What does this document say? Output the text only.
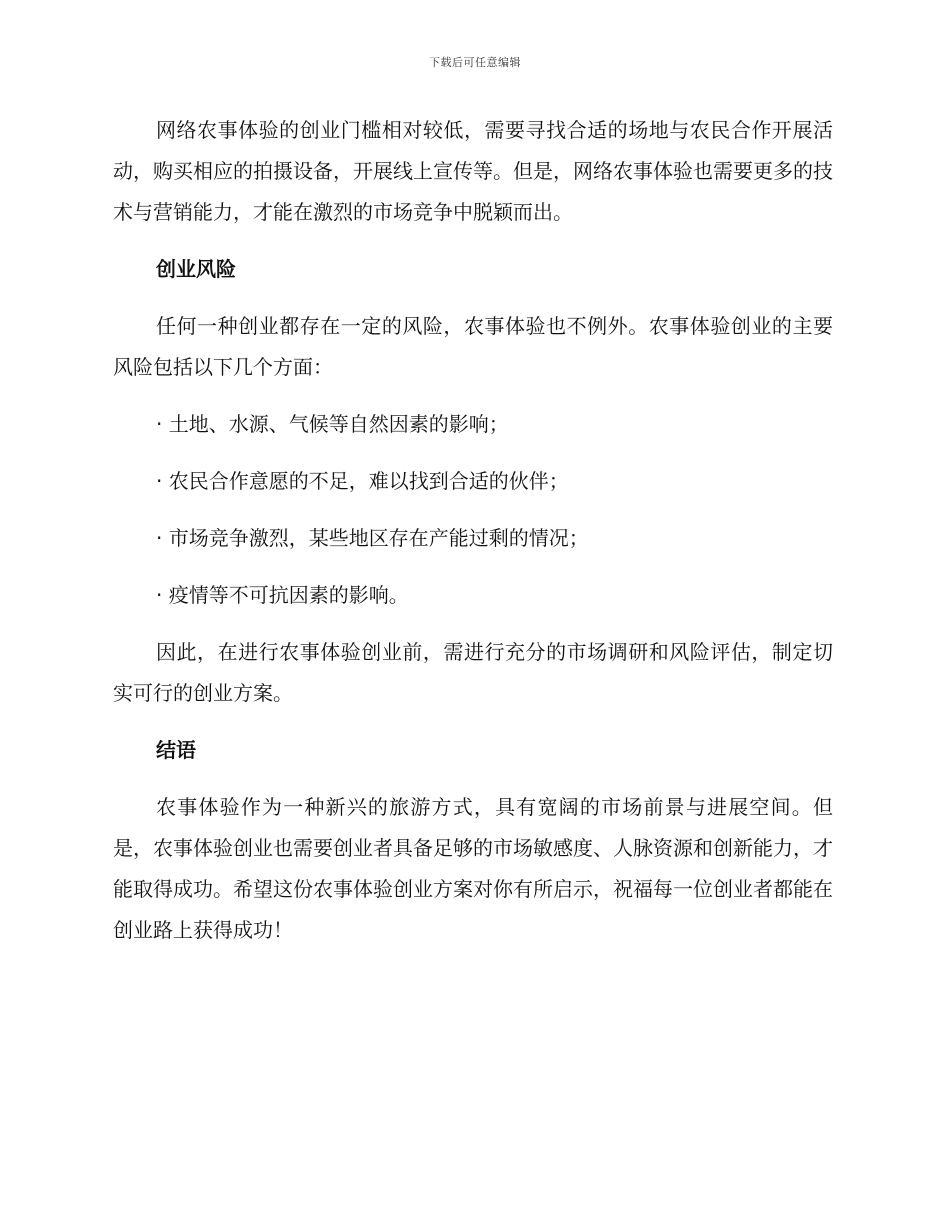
下载后可任意编辑

网络农事体验的创业门槛相对较低，需要寻找合适的场地与农民合作开展活动，购买相应的拍摄设备，开展线上宣传等。但是，网络农事体验也需要更多的技术与营销能力，才能在激烈的市场竞争中脱颖而出。

创业风险

任何一种创业都存在一定的风险，农事体验也不例外。农事体验创业的主要风险包括以下几个方面：

· 土地、水源、气候等自然因素的影响；

· 农民合作意愿的不足，难以找到合适的伙伴；

· 市场竞争激烈，某些地区存在产能过剩的情况；

· 疫情等不可抗因素的影响。

因此，在进行农事体验创业前，需进行充分的市场调研和风险评估，制定切实可行的创业方案。

结语

农事体验作为一种新兴的旅游方式，具有宽阔的市场前景与进展空间。但是，农事体验创业也需要创业者具备足够的市场敏感度、人脉资源和创新能力，才能取得成功。希望这份农事体验创业方案对你有所启示，祝福每一位创业者都能在创业路上获得成功！
